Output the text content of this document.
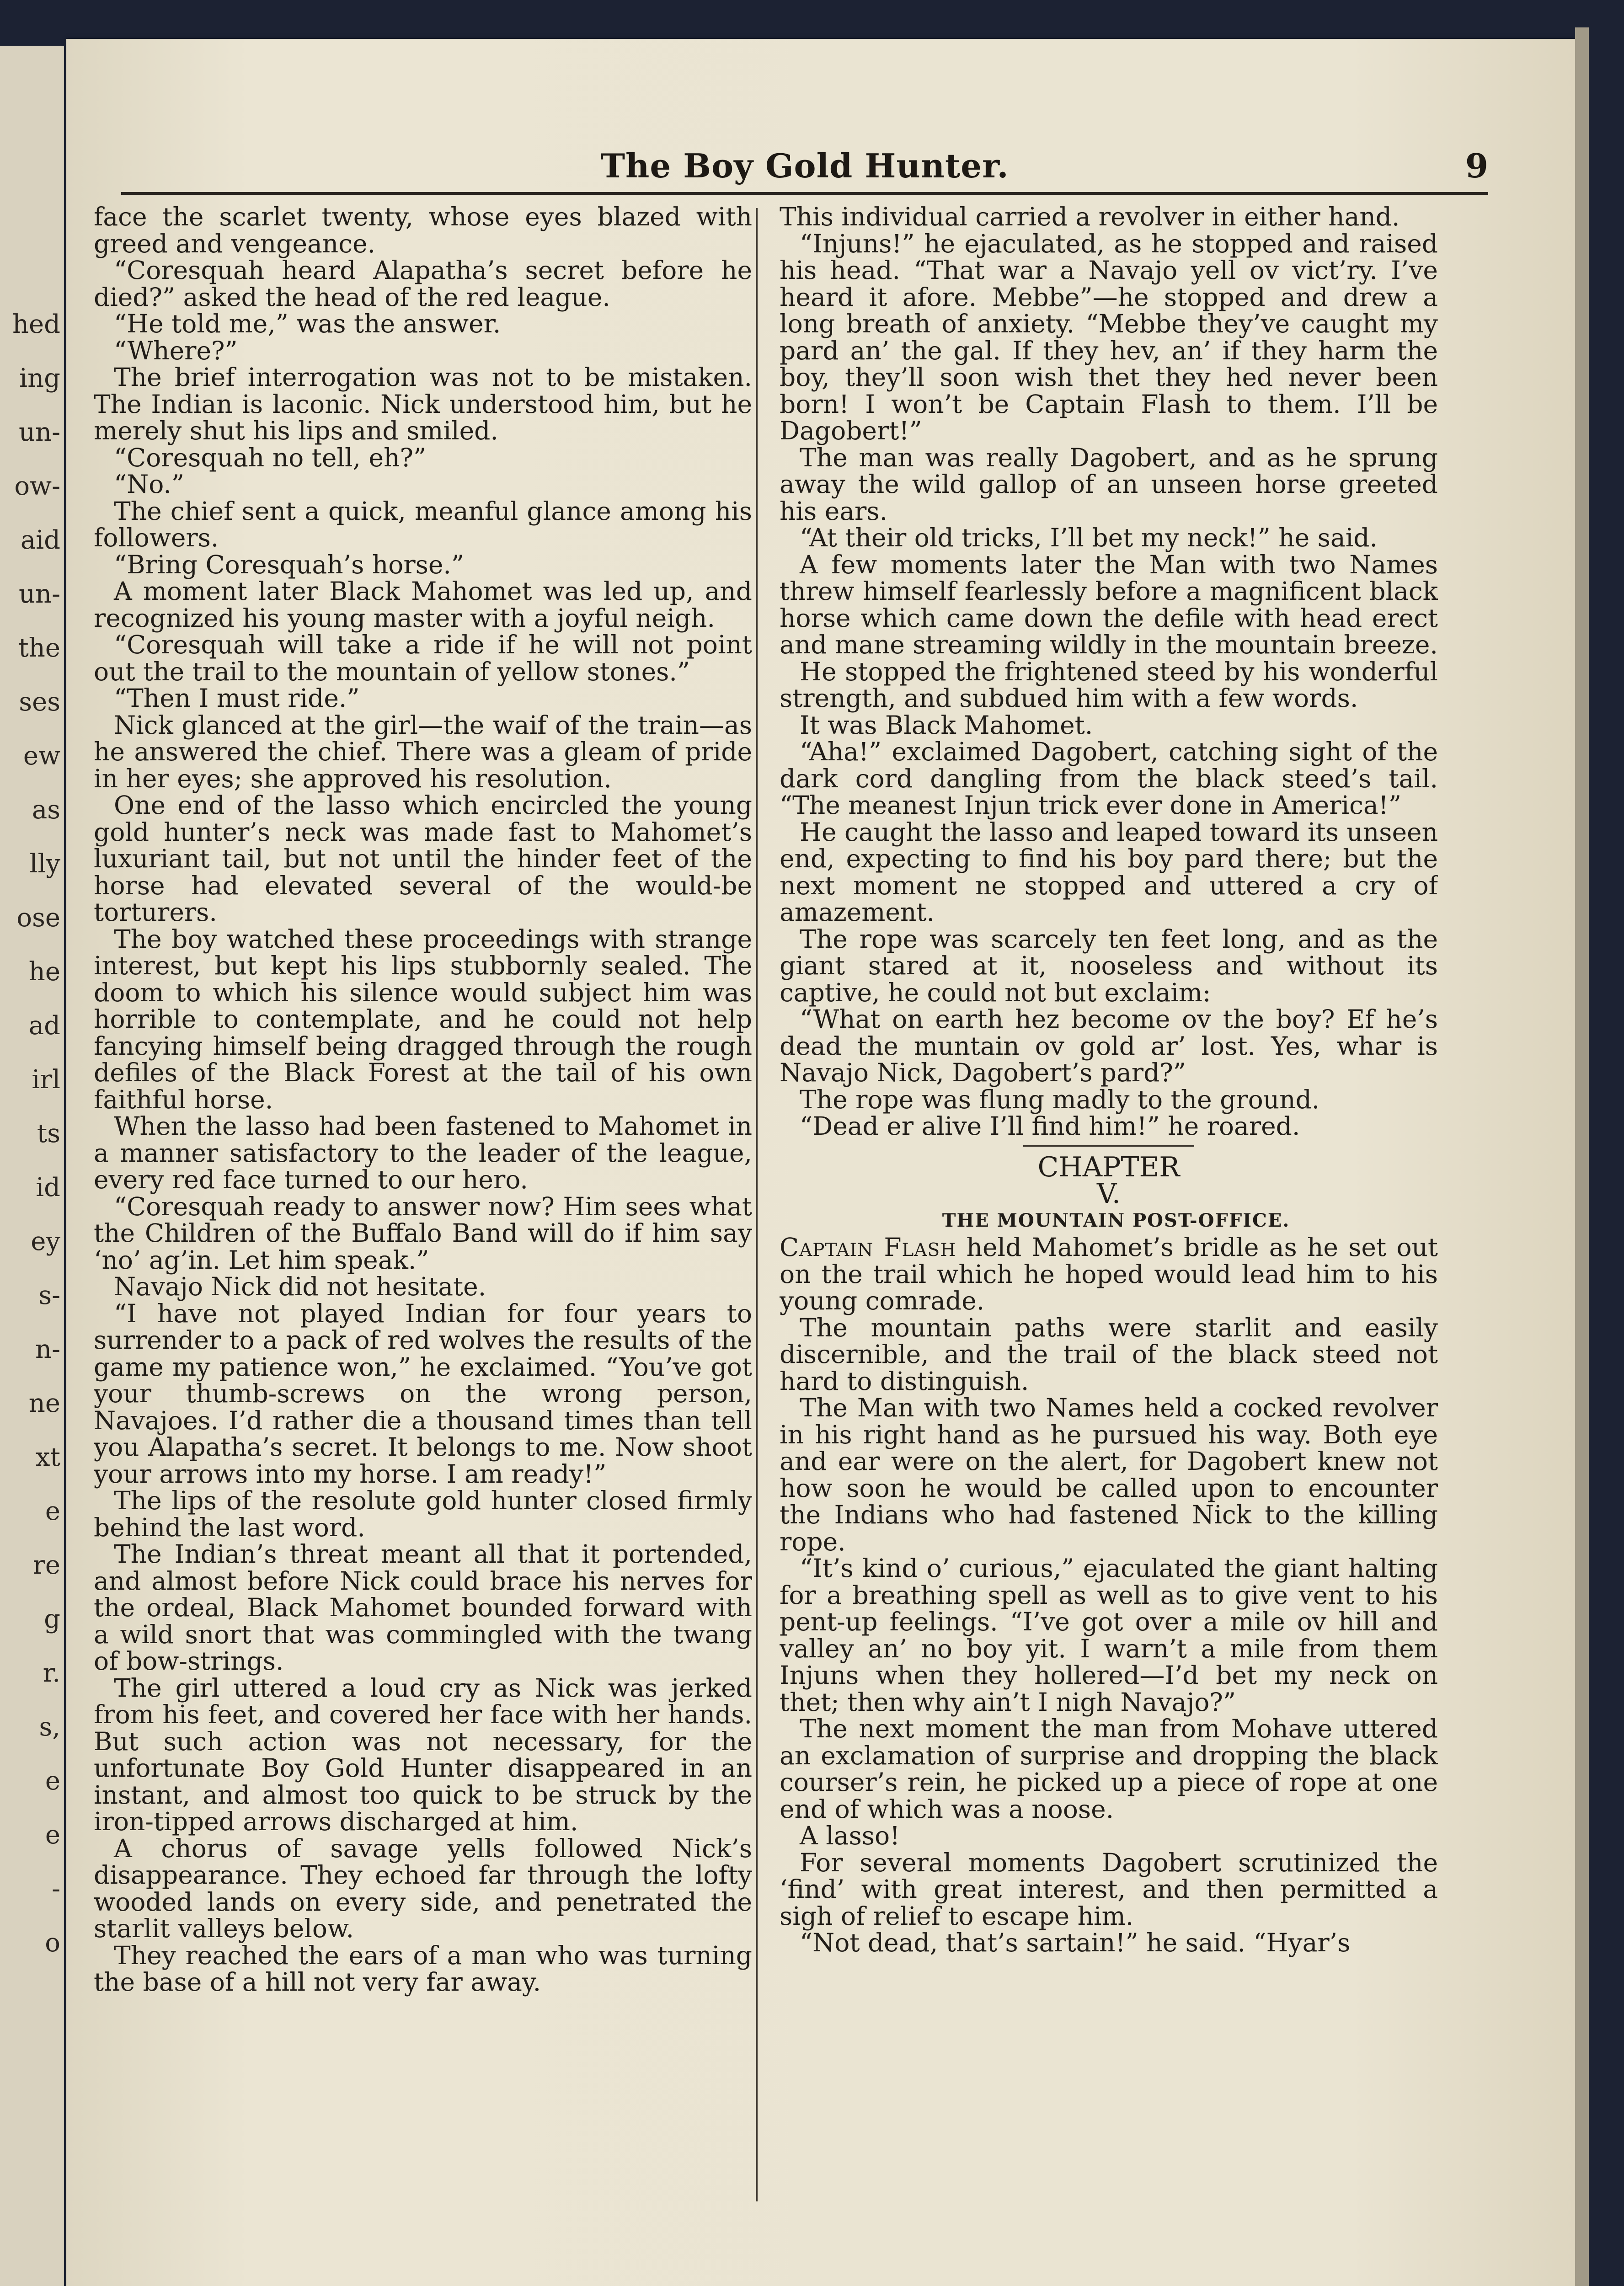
hed
ing
un-
ow-
aid
un-
the
ses
ew
as
lly
ose
he
ad
irl
ts
id
ey
s-
n-
ne
xt
e
re
g
r.
s,
e
e
-
o
The Boy Gold Hunter.	9

face the scarlet twenty, whose eyes blazed with greed and vengeance.

“Coresquah heard Alapatha’s secret before he died?” asked the head of the red league.

“He told me,” was the answer.

“Where?”

The brief interrogation was not to be mistaken. The Indian is laconic. Nick understood him, but he merely shut his lips and smiled.

“Coresquah no tell, eh?”

“No.”

The chief sent a quick, meanful glance among his followers.

“Bring Coresquah’s horse.”

A moment later Black Mahomet was led up, and recognized his young master with a joyful neigh.

“Coresquah will take a ride if he will not point out the trail to the mountain of yellow stones.”

“Then I must ride.”

Nick glanced at the girl—the waif of the train—as he answered the chief. There was a gleam of pride in her eyes; she approved his resolution.

One end of the lasso which encircled the young gold hunter’s neck was made fast to Mahomet’s luxuriant tail, but not until the hinder feet of the horse had elevated several of the would-be torturers.

The boy watched these proceedings with strange interest, but kept his lips stubbornly sealed. The doom to which his silence would subject him was horrible to contemplate, and he could not help fancying himself being dragged through the rough defiles of the Black Forest at the tail of his own faithful horse.

When the lasso had been fastened to Mahomet in a manner satisfactory to the leader of the league, every red face turned to our hero.

“Coresquah ready to answer now? Him sees what the Children of the Buffalo Band will do if him say ‘no’ ag’in. Let him speak.”

Navajo Nick did not hesitate.

“I have not played Indian for four years to surrender to a pack of red wolves the results of the game my patience won,” he exclaimed. “You’ve got your thumb-screws on the wrong person, Navajoes. I’d rather die a thousand times than tell you Alapatha’s secret. It belongs to me. Now shoot your arrows into my horse. I am ready!”

The lips of the resolute gold hunter closed firmly behind the last word.

The Indian’s threat meant all that it portended, and almost before Nick could brace his nerves for the ordeal, Black Mahomet bounded forward with a wild snort that was commingled with the twang of bow-strings.

The girl uttered a loud cry as Nick was jerked from his feet, and covered her face with her hands. But such action was not necessary, for the unfortunate Boy Gold Hunter disappeared in an instant, and almost too quick to be struck by the iron-tipped arrows discharged at him.

A chorus of savage yells followed Nick’s disappearance. They echoed far through the lofty wooded lands on every side, and penetrated the starlit valleys below.

They reached the ears of a man who was turning the base of a hill not very far away.

This individual carried a revolver in either hand.

“Injuns!” he ejaculated, as he stopped and raised his head. “That war a Navajo yell ov vict’ry. I’ve heard it afore. Mebbe”—he stopped and drew a long breath of anxiety. “Mebbe they’ve caught my pard an’ the gal. If they hev, an’ if they harm the boy, they’ll soon wish thet they hed never been born! I won’t be Captain Flash to them. I’ll be Dagobert!”

The man was really Dagobert, and as he sprung away the wild gallop of an unseen horse greeted his ears.

“At their old tricks, I’ll bet my neck!” he said.

A few moments later the Man with two Names threw himself fearlessly before a magnificent black horse which came down the defile with head erect and mane streaming wildly in the mountain breeze.

He stopped the frightened steed by his wonderful strength, and subdued him with a few words.

It was Black Mahomet.

“Aha!” exclaimed Dagobert, catching sight of the dark cord dangling from the black steed’s tail. “The meanest Injun trick ever done in America!”

He caught the lasso and leaped toward its unseen end, expecting to find his boy pard there; but the next moment ne stopped and uttered a cry of amazement.

The rope was scarcely ten feet long, and as the giant stared at it, nooseless and without its captive, he could not but exclaim:

“What on earth hez become ov the boy? Ef he’s dead the muntain ov gold ar’ lost. Yes, whar is Navajo Nick, Dagobert’s pard?”

The rope was flung madly to the ground.

“Dead er alive I’ll find him!” he roared.

CHAPTER V.

THE MOUNTAIN POST-OFFICE.

Captain Flash held Mahomet’s bridle as he set out on the trail which he hoped would lead him to his young comrade.

The mountain paths were starlit and easily discernible, and the trail of the black steed not hard to distinguish.

The Man with two Names held a cocked revolver in his right hand as he pursued his way. Both eye and ear were on the alert, for Dagobert knew not how soon he would be called upon to encounter the Indians who had fastened Nick to the killing rope.

“It’s kind o’ curious,” ejaculated the giant halting for a breathing spell as well as to give vent to his pent-up feelings. “I’ve got over a mile ov hill and valley an’ no boy yit. I warn’t a mile from them Injuns when they hollered—I’d bet my neck on thet; then why ain’t I nigh Navajo?”

The next moment the man from Mohave uttered an exclamation of surprise and dropping the black courser’s rein, he picked up a piece of rope at one end of which was a noose.

A lasso!

For several moments Dagobert scrutinized the ‘find’ with great interest, and then permitted a sigh of relief to escape him.

“Not dead, that’s sartain!” he said. “Hyar’s
